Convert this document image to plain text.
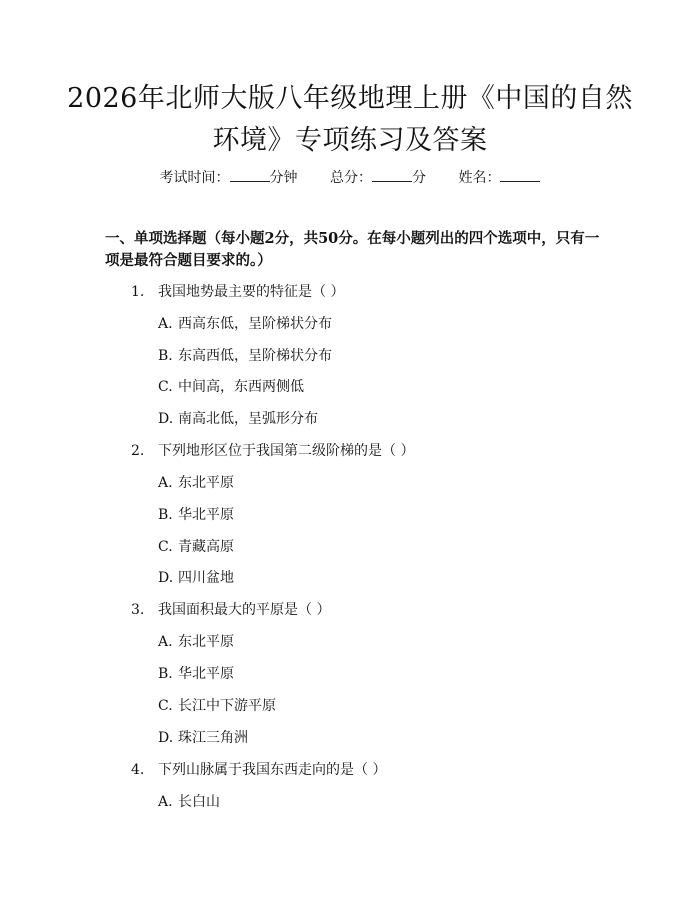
2026年北师大版八年级地理上册《中国的自然环境》专项练习及答案
考试时间：	分钟 总分：	分 姓名：

一、单项选择题（每小题2分，共50分。在每小题列出的四个选项中，只有一项是最符合题目要求的。）

1. 我国地势最主要的特征是（ ）

A. 西高东低，呈阶梯状分布

B. 东高西低，呈阶梯状分布

C. 中间高，东西两侧低

D. 南高北低，呈弧形分布

2. 下列地形区位于我国第二级阶梯的是（ ）

A. 东北平原

B. 华北平原

C. 青藏高原

D. 四川盆地

3. 我国面积最大的平原是（ ）

A. 东北平原

B. 华北平原

C. 长江中下游平原

D. 珠江三角洲

4. 下列山脉属于我国东西走向的是（ ）

A. 长白山
